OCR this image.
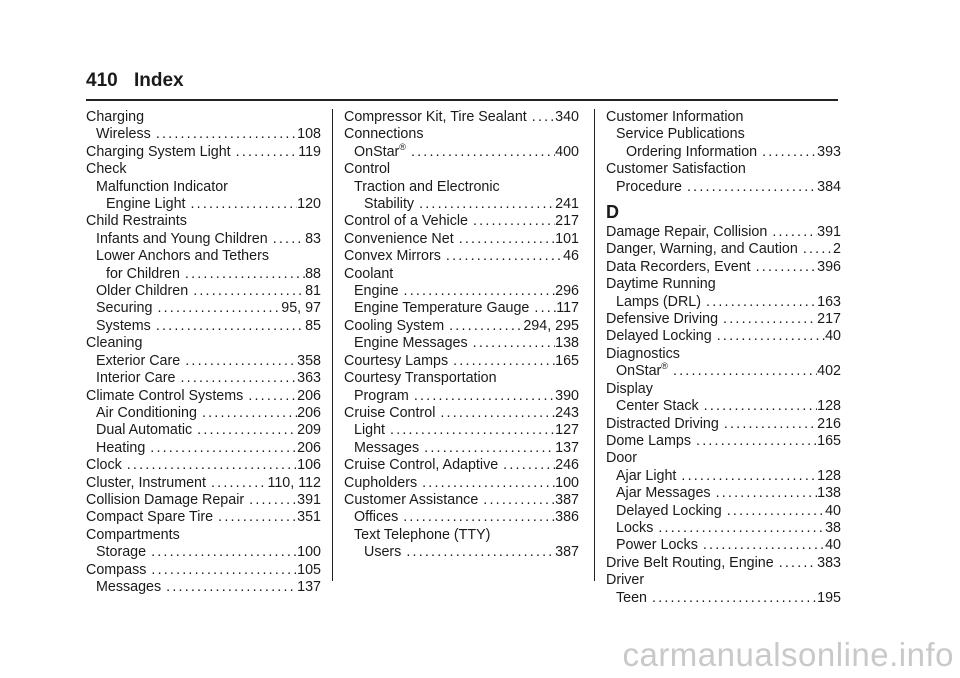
410 Index
Charging
Wireless .....	108
Charging System Light .....	119
Check
Malfunction Indicator
Engine Light .....	120
Child Restraints
Infants and Young Children .....	83
Lower Anchors and Tethers
for Children .....	88
Older Children .....	81
Securing .....	95, 97
Systems .....	85
Cleaning
Exterior Care .....	358
Interior Care .....	363
Climate Control Systems .....	206
Air Conditioning .....	206
Dual Automatic .....	209
Heating .....	206
Clock .....	106
Cluster, Instrument .....	110, 112
Collision Damage Repair .....	391
Compact Spare Tire .....	351
Compartments
Storage .....	100
Compass .....	105
Messages .....	137
Compressor Kit, Tire Sealant ..... 340
Connections
OnStar® .....	400
Control
Traction and Electronic
Stability .....	241
Control of a Vehicle .....	217
Convenience Net .....	101
Convex Mirrors .....	46
Coolant
Engine .....	296
Engine Temperature Gauge ..... 117
Cooling System .....	294, 295
Engine Messages .....	138
Courtesy Lamps .....	165
Courtesy Transportation
Program .....	390
Cruise Control .....	243
Light .....	127
Messages .....	137
Cruise Control, Adaptive .....	246
Cupholders .....	100
Customer Assistance .....	387
Offices .....	386
Text Telephone (TTY)
Users .....	387
Customer Information
Service Publications
Ordering Information .....	393
Customer Satisfaction
Procedure .....	384
D
Damage Repair, Collision .....	391
Danger, Warning, and Caution ..... 2
Data Recorders, Event .....	396
Daytime Running
Lamps (DRL) .....	163
Defensive Driving .....	217
Delayed Locking .....	40
Diagnostics
OnStar® .....	402
Display
Center Stack .....	128
Distracted Driving .....	216
Dome Lamps .....	165
Door
Ajar Light .....	128
Ajar Messages .....	138
Delayed Locking .....	40
Locks .....	38
Power Locks .....	40
Drive Belt Routing, Engine .....	383
Driver
Teen .....	195
carmanualsonline.info
